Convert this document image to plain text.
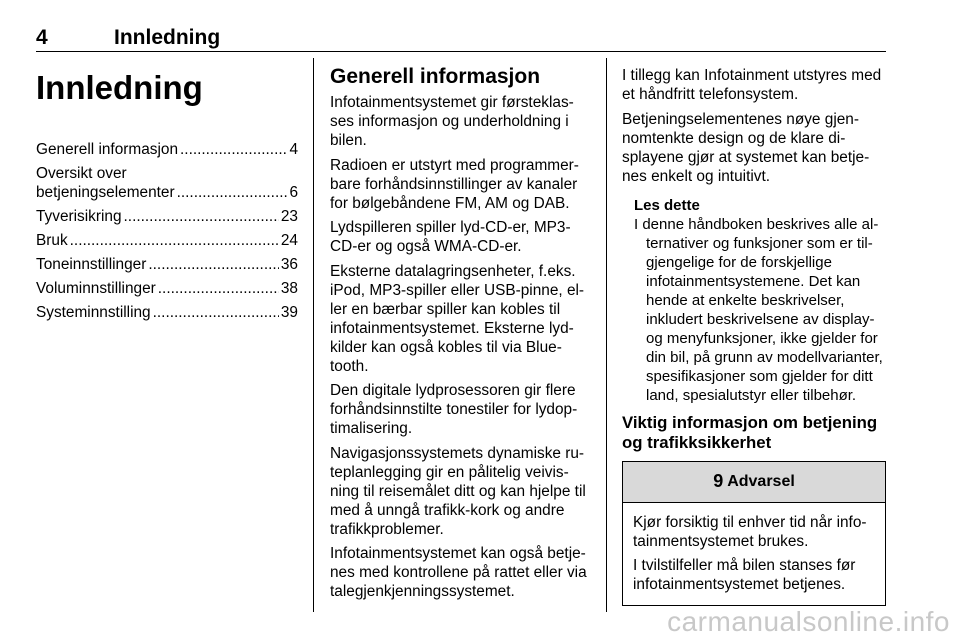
4	Innledning
Innledning
Generell informasjon .....	4
Oversikt over
betjeningselementer .....	6
Tyverisikring .....	23
Bruk .....	24
Toneinnstillinger .....	36
Voluminnstillinger .....	38
Systeminnstilling .....	39
Generell informasjon

Infotainmentsystemet gir førsteklasses informasjon og underholdning i bilen.

Radioen er utstyrt med programmerbare forhåndsinnstillinger av kanaler for bølgebåndene FM, AM og DAB.

Lydspilleren spiller lyd-CD-er, MP3-CD-er og også WMA-CD-er.

Eksterne datalagringsenheter, f.eks. iPod, MP3-spiller eller USB-pinne, eller en bærbar spiller kan kobles til infotainmentsystemet. Eksterne lydkilder kan også kobles til via Bluetooth.

Den digitale lydprosessoren gir flere forhåndsinnstilte tonestiler for lydoptimalisering.

Navigasjonssystemets dynamiske ruteplanlegging gir en pålitelig veivisning til reisemålet ditt og kan hjelpe til med å unngå trafikk-kork og andre trafikkproblemer.

Infotainmentsystemet kan også betjenes med kontrollene på rattet eller via talegjenkjenningssystemet.

I tillegg kan Infotainment utstyres med et håndfritt telefonsystem.

Betjeningselementenes nøye gjennomtenkte design og de klare displayene gjør at systemet kan betjenes enkelt og intuitivt.

Les dette
I denne håndboken beskrives alle alternativer og funksjoner som er tilgjengelige for de forskjellige infotainmentsystemene. Det kan hende at enkelte beskrivelser, inkludert beskrivelsene av display- og menyfunksjoner, ikke gjelder for din bil, på grunn av modellvarianter, spesifikasjoner som gjelder for ditt land, spesialutstyr eller tilbehør.
Viktig informasjon om betjening og trafikksikkerhet
9 Advarsel

Kjør forsiktig til enhver tid når infotainmentsystemet brukes.

I tvilstilfeller må bilen stanses før infotainmentsystemet betjenes.

carmanualsonline.info
